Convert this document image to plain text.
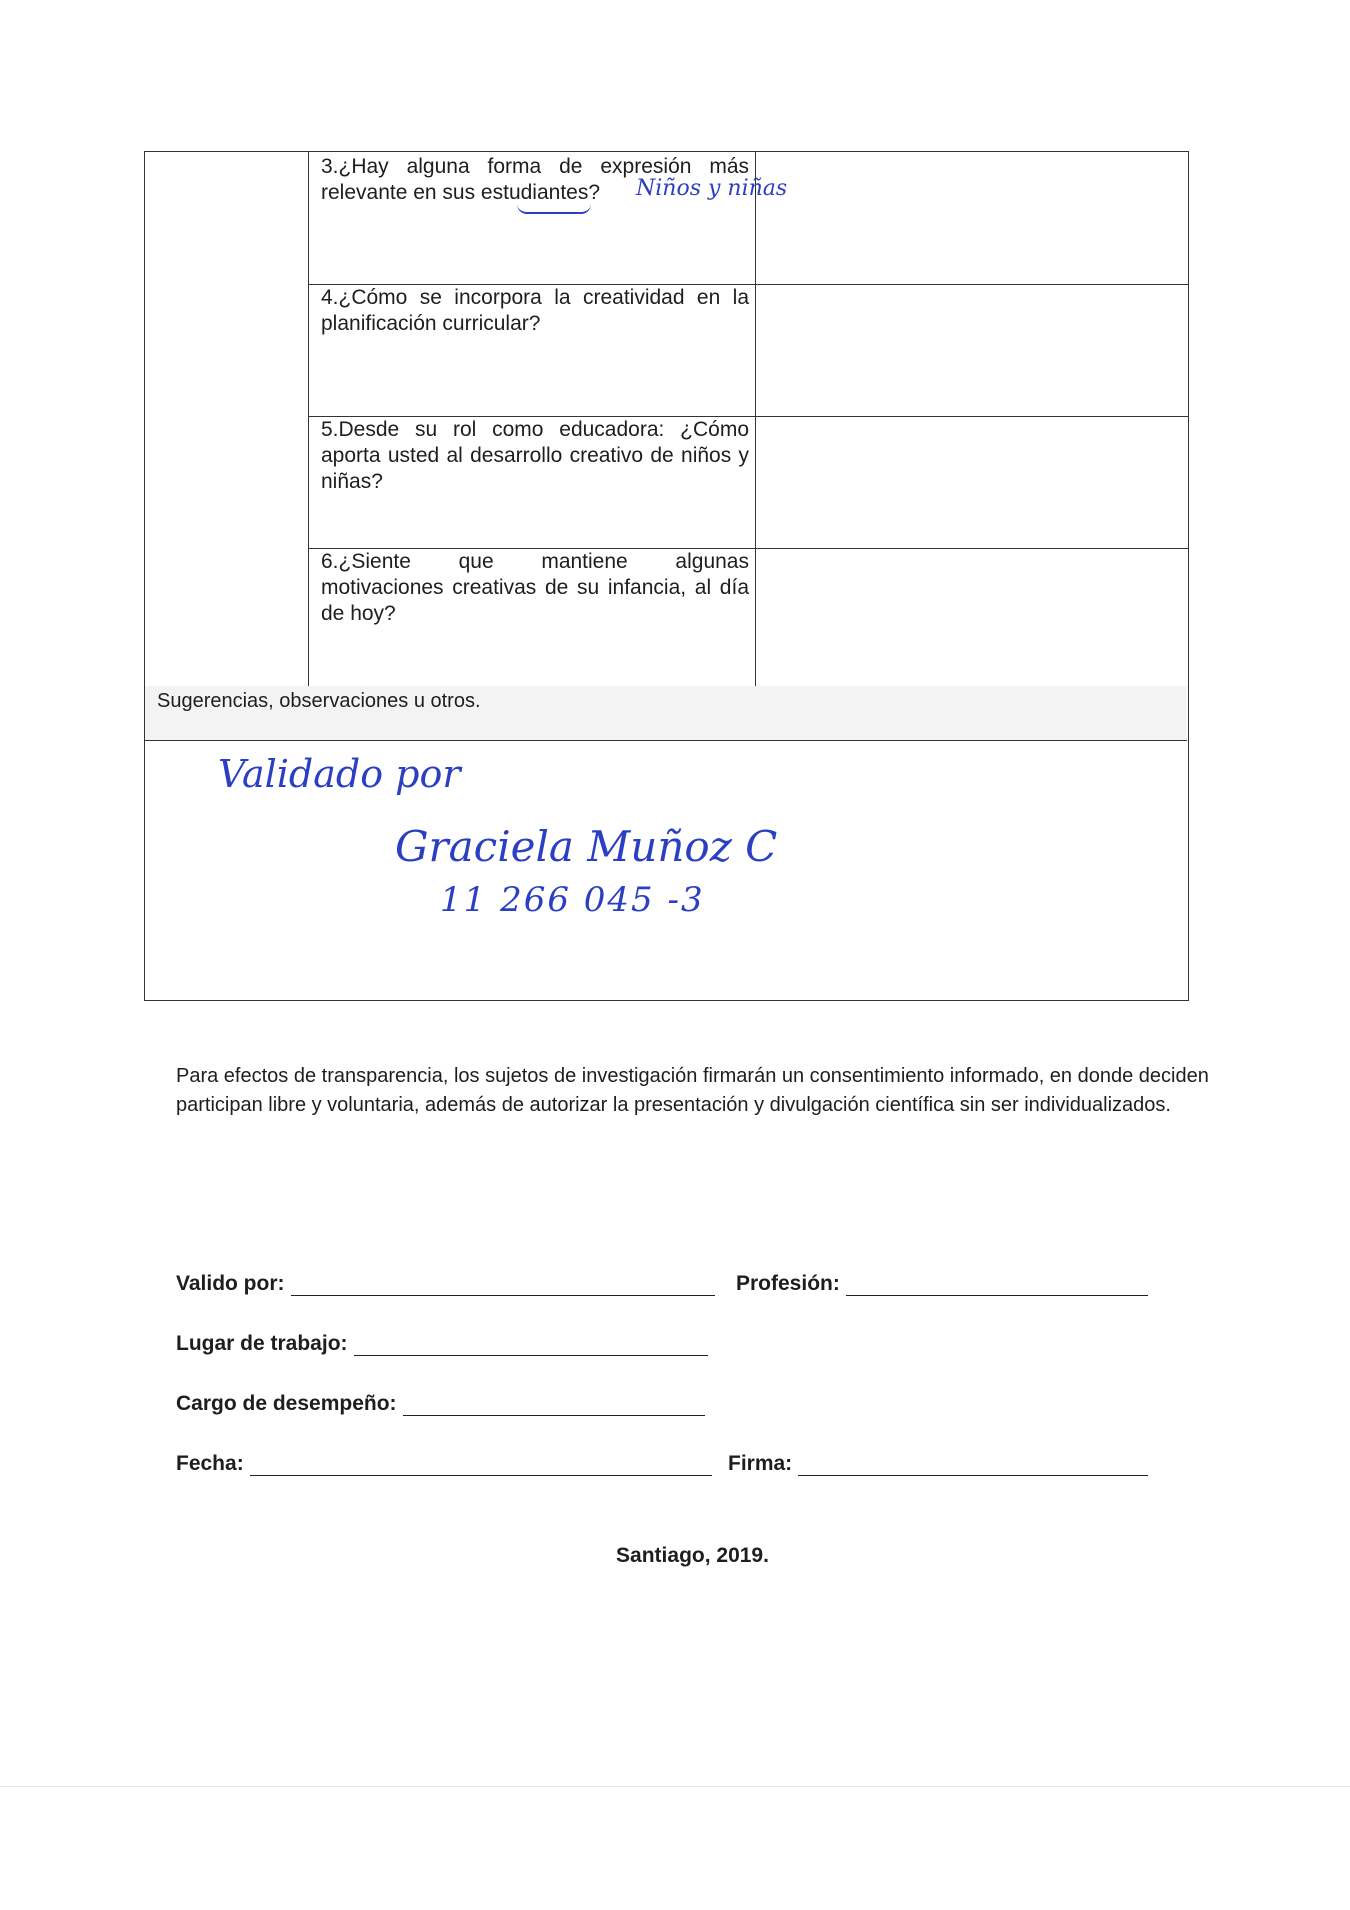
3.¿Hay alguna forma de expresión más relevante en sus estudiantes?
4.¿Cómo se incorpora la creatividad en la planificación curricular?
5.Desde su rol como educadora: ¿Cómo aporta usted al desarrollo creativo de niños y niñas?
6.¿Siente que mantiene algunas motivaciones creativas de su infancia, al día de hoy?
Sugerencias, observaciones u otros.
Niños y niñas
Validado por
Graciela Muñoz C
11 266 045 -3
Para efectos de transparencia, los sujetos de investigación firmarán un consentimiento informado, en donde deciden participan libre y voluntaria, además de autorizar la presentación y divulgación científica sin ser individualizados.
Valido por:	Profesión:
Lugar de trabajo:
Cargo de desempeño:
Fecha:	Firma:
Santiago, 2019.
